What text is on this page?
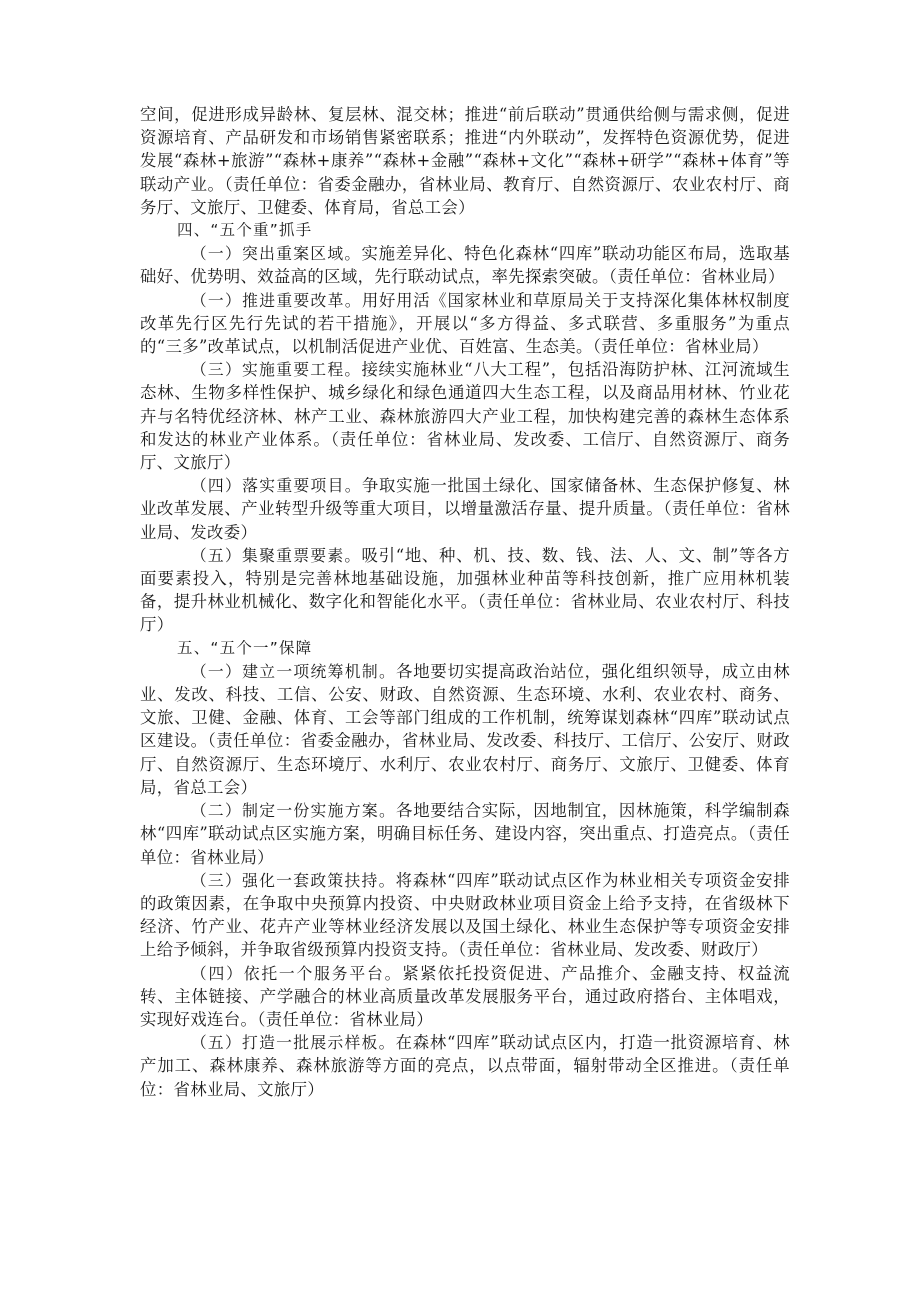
空间，促进形成异龄林、复层林、混交林；推进“前后联动”贯通供给侧与需求侧，促进资源培育、产品研发和市场销售紧密联系；推进“内外联动”，发挥特色资源优势，促进发展“森林+旅游”“森林+康养”“森林+金融”“森林+文化”“森林+研学”“森林+体育”等联动产业。（责任单位：省委金融办，省林业局、教育厅、自然资源厅、农业农村厅、商务厅、文旅厅、卫健委、体育局，省总工会）

四、“五个重”抓手

（一）突出重案区域。实施差异化、特色化森林“四库”联动功能区布局，选取基础好、优势明、效益高的区域，先行联动试点，率先探索突破。（责任单位：省林业局）

（一）推进重要改革。用好用活《国家林业和草原局关于支持深化集体林权制度改革先行区先行先试的若干措施》，开展以“多方得益、多式联营、多重服务”为重点的“三多”改革试点，以机制活促进产业优、百姓富、生态美。（责任单位：省林业局）

（三）实施重要工程。接续实施林业“八大工程”，包括沿海防护林、江河流域生态林、生物多样性保护、城乡绿化和绿色通道四大生态工程，以及商品用材林、竹业花卉与名特优经济林、林产工业、森林旅游四大产业工程，加快构建完善的森林生态体系和发达的林业产业体系。（责任单位：省林业局、发改委、工信厅、自然资源厅、商务厅、文旅厅）

（四）落实重要项目。争取实施一批国土绿化、国家储备林、生态保护修复、林业改革发展、产业转型升级等重大项目，以增量激活存量、提升质量。（责任单位：省林业局、发改委）

（五）集聚重票要素。吸引“地、种、机、技、数、钱、法、人、文、制”等各方面要素投入，特别是完善林地基础设施，加强林业种苗等科技创新，推广应用林机装备，提升林业机械化、数字化和智能化水平。（责任单位：省林业局、农业农村厅、科技厅）

五、“五个一”保障

（一）建立一项统筹机制。各地要切实提高政治站位，强化组织领导，成立由林业、发改、科技、工信、公安、财政、自然资源、生态环境、水利、农业农村、商务、文旅、卫健、金融、体育、工会等部门组成的工作机制，统筹谋划森林“四库”联动试点区建设。（责任单位：省委金融办，省林业局、发改委、科技厅、工信厅、公安厅、财政厅、自然资源厅、生态环境厅、水利厅、农业农村厅、商务厅、文旅厅、卫健委、体育局，省总工会）

（二）制定一份实施方案。各地要结合实际，因地制宜，因林施策，科学编制森林“四库”联动试点区实施方案，明确目标任务、建设内容，突出重点、打造亮点。（责任单位：省林业局）

（三）强化一套政策扶持。将森林“四库”联动试点区作为林业相关专项资金安排的政策因素，在争取中央预算内投资、中央财政林业项目资金上给予支持，在省级林下经济、竹产业、花卉产业等林业经济发展以及国土绿化、林业生态保护等专项资金安排上给予倾斜，并争取省级预算内投资支持。（责任单位：省林业局、发改委、财政厅）

（四）依托一个服务平台。紧紧依托投资促进、产品推介、金融支持、权益流转、主体链接、产学融合的林业高质量改革发展服务平台，通过政府搭台、主体唱戏，实现好戏连台。（责任单位：省林业局）

（五）打造一批展示样板。在森林“四库”联动试点区内，打造一批资源培育、林产加工、森林康养、森林旅游等方面的亮点，以点带面，辐射带动全区推进。（责任单位：省林业局、文旅厅）
